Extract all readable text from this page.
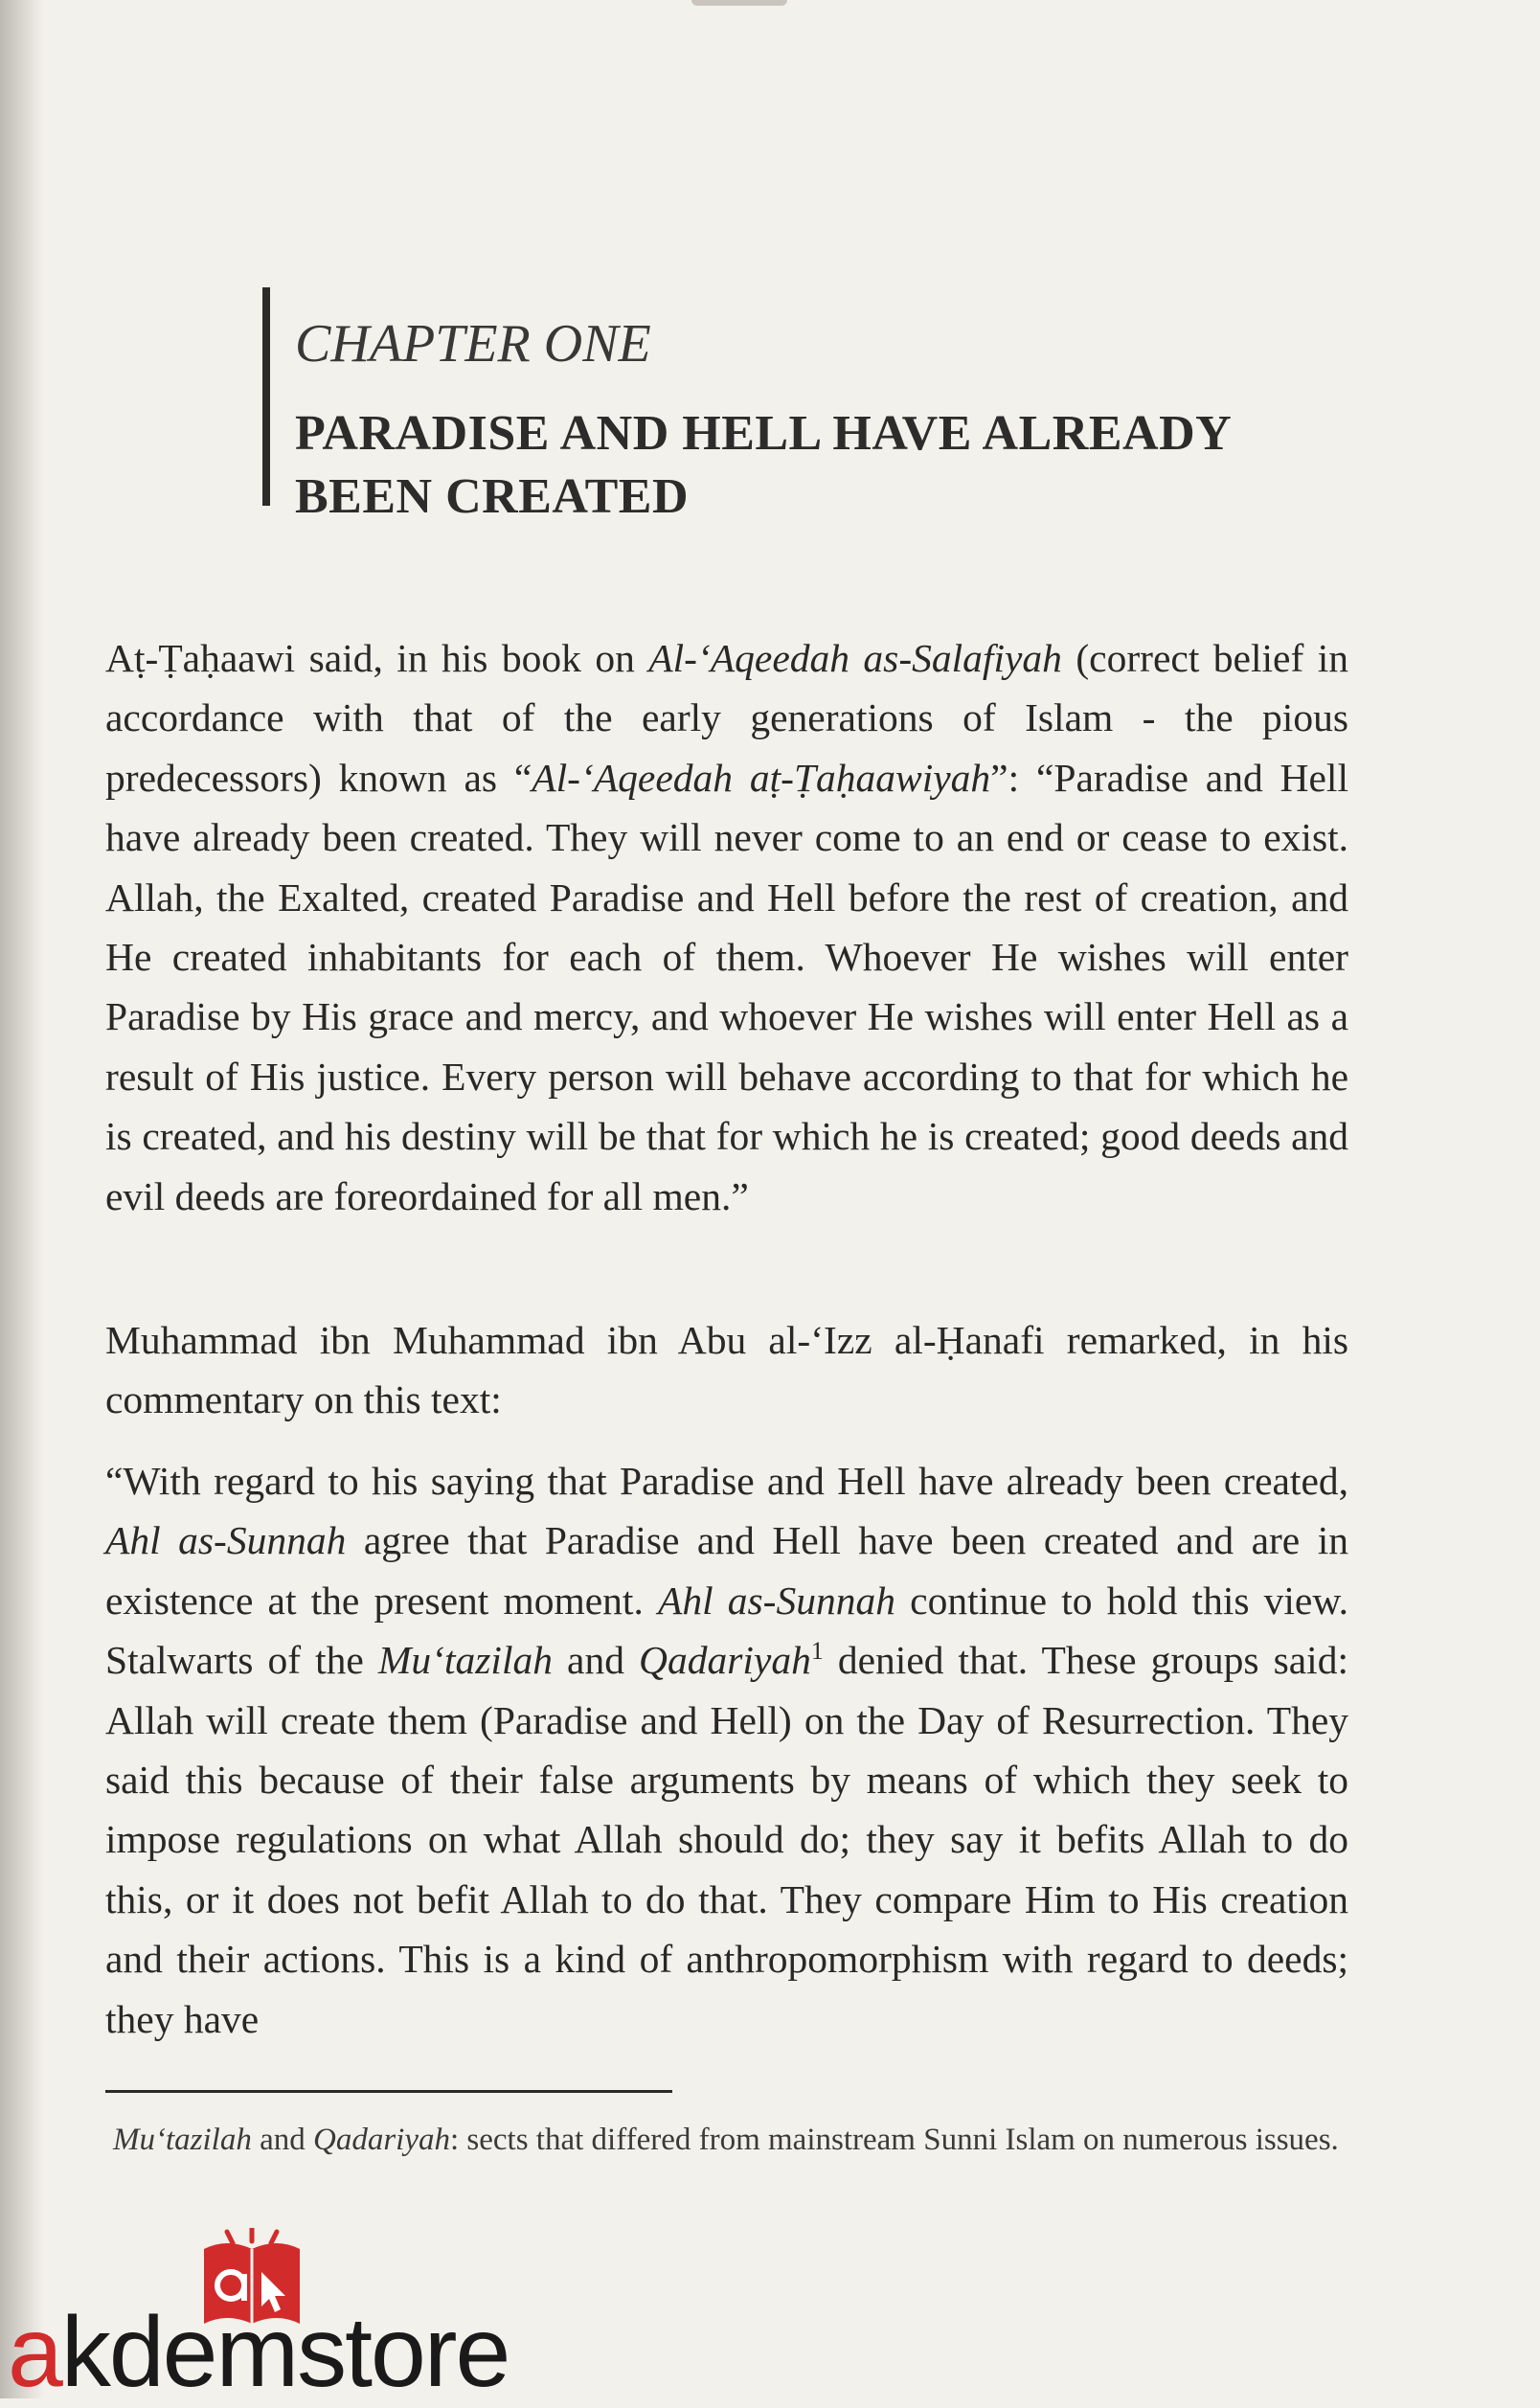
CHAPTER ONE
PARADISE AND HELL HAVE ALREADY BEEN CREATED
Aṭ-Ṭaḥaawi said, in his book on Al-‘Aqeedah as-Salafiyah (correct belief in accordance with that of the early generations of Islam - the pious predecessors) known as “Al-‘Aqeedah aṭ-Ṭaḥaawiyah”: “Paradise and Hell have already been created. They will never come to an end or cease to exist. Allah, the Exalted, created Paradise and Hell before the rest of creation, and He created inhabitants for each of them. Whoever He wishes will enter Paradise by His grace and mercy, and whoever He wishes will enter Hell as a result of His justice. Every person will behave according to that for which he is created, and his destiny will be that for which he is created; good deeds and evil deeds are foreordained for all men.”
Muhammad ibn Muhammad ibn Abu al-‘Izz al-Ḥanafi remarked, in his commentary on this text:
“With regard to his saying that Paradise and Hell have already been created, Ahl as-Sunnah agree that Paradise and Hell have been created and are in existence at the present moment. Ahl as-Sunnah continue to hold this view. Stalwarts of the Mu‘tazilah and Qadariyah$^1$ denied that. These groups said: Allah will create them (Paradise and Hell) on the Day of Resurrection. They said this because of their false arguments by means of which they seek to impose regulations on what Allah should do; they say it befits Allah to do this, or it does not befit Allah to do that. They compare Him to His creation and their actions. This is a kind of anthropomorphism with regard to deeds; they have
Mu‘tazilah and Qadariyah: sects that differed from mainstream Sunni Islam on numerous issues.
akdemstore
